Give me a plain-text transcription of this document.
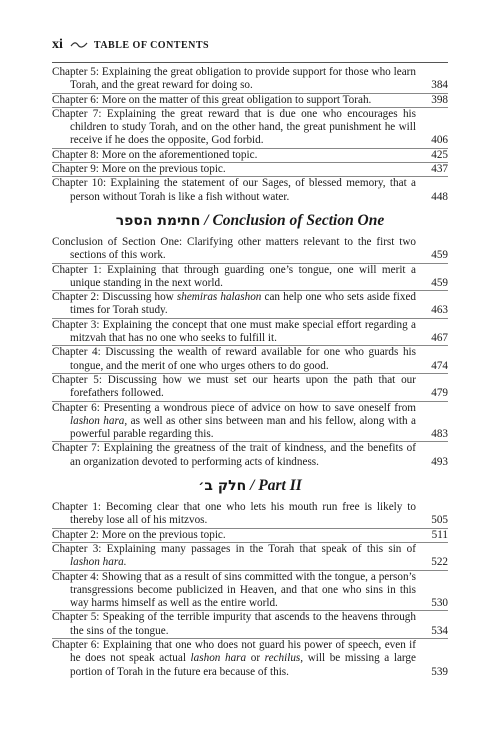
xi	TABLE OF CONTENTS
Chapter 5: Explaining the great obligation to provide support for those who learn Torah, and the great reward for doing so.	384
Chapter 6: More on the matter of this great obligation to support Torah.	398
Chapter 7: Explaining the great reward that is due one who encourages his children to study Torah, and on the other hand, the great punishment he will receive if he does the opposite, God forbid.	406
Chapter 8: More on the aforementioned topic.	425
Chapter 9: More on the previous topic.	437
Chapter 10: Explaining the statement of our Sages, of blessed memory, that a person without Torah is like a fish without water.	448
חתימת הספר / Conclusion of Section One
Conclusion of Section One: Clarifying other matters relevant to the first two sections of this work.	459
Chapter 1: Explaining that through guarding one’s tongue, one will merit a unique standing in the next world.	459
Chapter 2: Discussing how shemiras halashon can help one who sets aside fixed times for Torah study.	463
Chapter 3: Explaining the concept that one must make special effort regarding a mitzvah that has no one who seeks to fulfill it.	467
Chapter 4: Discussing the wealth of reward available for one who guards his tongue, and the merit of one who urges others to do good.	474
Chapter 5: Discussing how we must set our hearts upon the path that our forefathers followed.	479
Chapter 6: Presenting a wondrous piece of advice on how to save oneself from lashon hara, as well as other sins between man and his fellow, along with a powerful parable regarding this.	483
Chapter 7: Explaining the greatness of the trait of kindness, and the benefits of an organization devoted to performing acts of kindness.	493
חלק ב׳ / Part II
Chapter 1: Becoming clear that one who lets his mouth run free is likely to thereby lose all of his mitzvos.	505
Chapter 2: More on the previous topic.	511
Chapter 3: Explaining many passages in the Torah that speak of this sin of lashon hara.	522
Chapter 4: Showing that as a result of sins committed with the tongue, a person’s transgressions become publicized in Heaven, and that one who sins in this way harms himself as well as the entire world.	530
Chapter 5: Speaking of the terrible impurity that ascends to the heavens through the sins of the tongue.	534
Chapter 6: Explaining that one who does not guard his power of speech, even if he does not speak actual lashon hara or rechilus, will be missing a large portion of Torah in the future era because of this.	539
